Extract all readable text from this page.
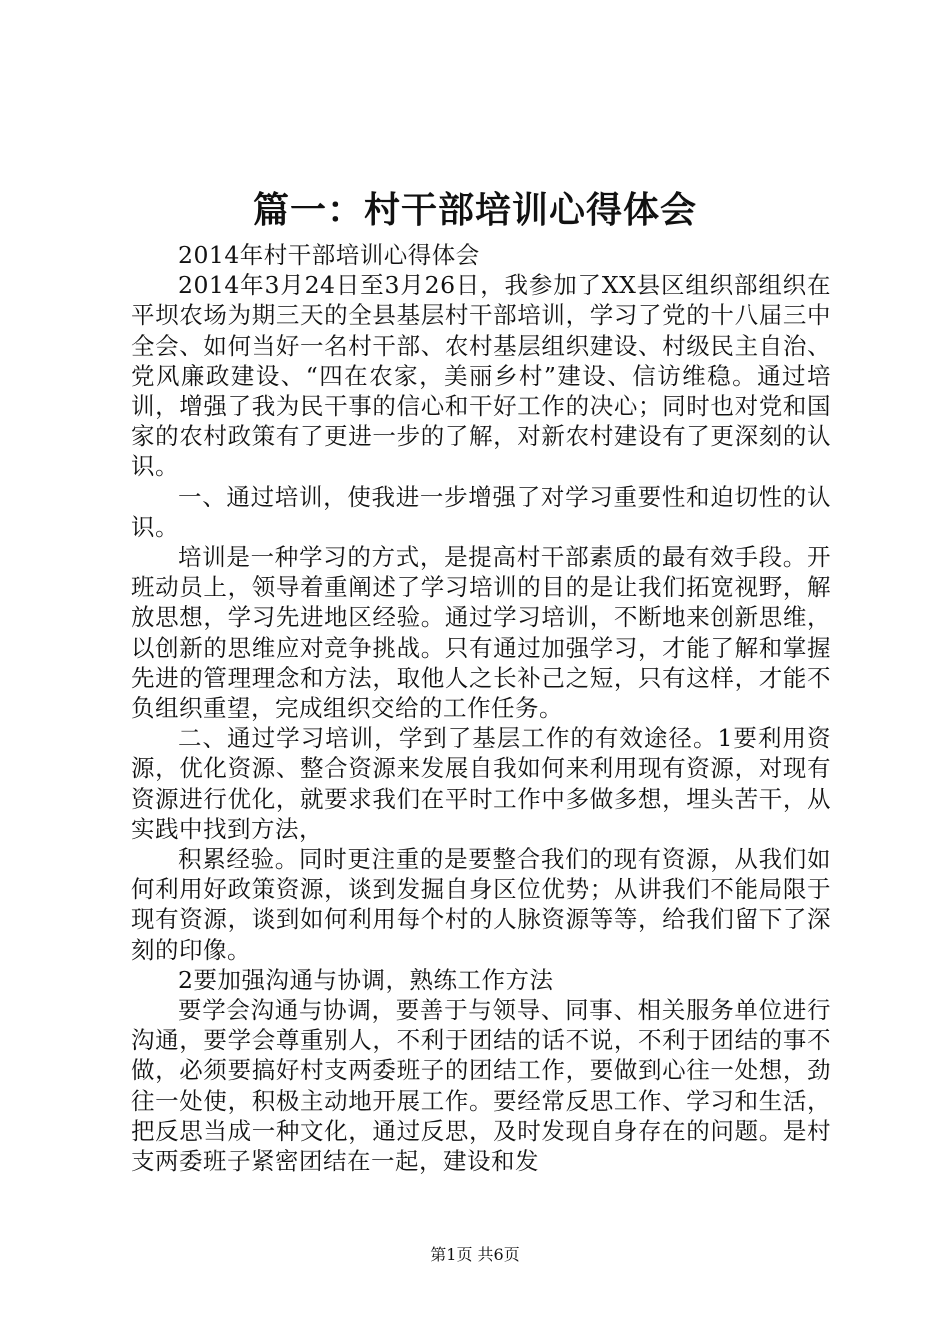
篇一：村干部培训心得体会

2014年村干部培训心得体会

2014年3月24日至3月26日，我参加了XX县区组织部组织在平坝农场为期三天的全县基层村干部培训，学习了党的十八届三中全会、如何当好一名村干部、农村基层组织建设、村级民主自治、党风廉政建设、“四在农家，美丽乡村”建设、信访维稳。通过培训，增强了我为民干事的信心和干好工作的决心；同时也对党和国家的农村政策有了更进一步的了解，对新农村建设有了更深刻的认识。

一、通过培训，使我进一步增强了对学习重要性和迫切性的认识。

培训是一种学习的方式，是提高村干部素质的最有效手段。开班动员上，领导着重阐述了学习培训的目的是让我们拓宽视野，解放思想，学习先进地区经验。通过学习培训，不断地来创新思维，以创新的思维应对竞争挑战。只有通过加强学习，才能了解和掌握先进的管理理念和方法，取他人之长补己之短，只有这样，才能不负组织重望，完成组织交给的工作任务。

二、通过学习培训，学到了基层工作的有效途径。1要利用资源，优化资源、整合资源来发展自我如何来利用现有资源，对现有资源进行优化，就要求我们在平时工作中多做多想，埋头苦干，从实践中找到方法，

积累经验。同时更注重的是要整合我们的现有资源，从我们如何利用好政策资源，谈到发掘自身区位优势；从讲我们不能局限于现有资源，谈到如何利用每个村的人脉资源等等，给我们留下了深刻的印像。

2要加强沟通与协调，熟练工作方法

要学会沟通与协调，要善于与领导、同事、相关服务单位进行沟通，要学会尊重别人，不利于团结的话不说，不利于团结的事不做，必须要搞好村支两委班子的团结工作，要做到心往一处想，劲往一处使，积极主动地开展工作。要经常反思工作、学习和生活，把反思当成一种文化，通过反思，及时发现自身存在的问题。是村支两委班子紧密团结在一起，建设和发

第1页 共6页
